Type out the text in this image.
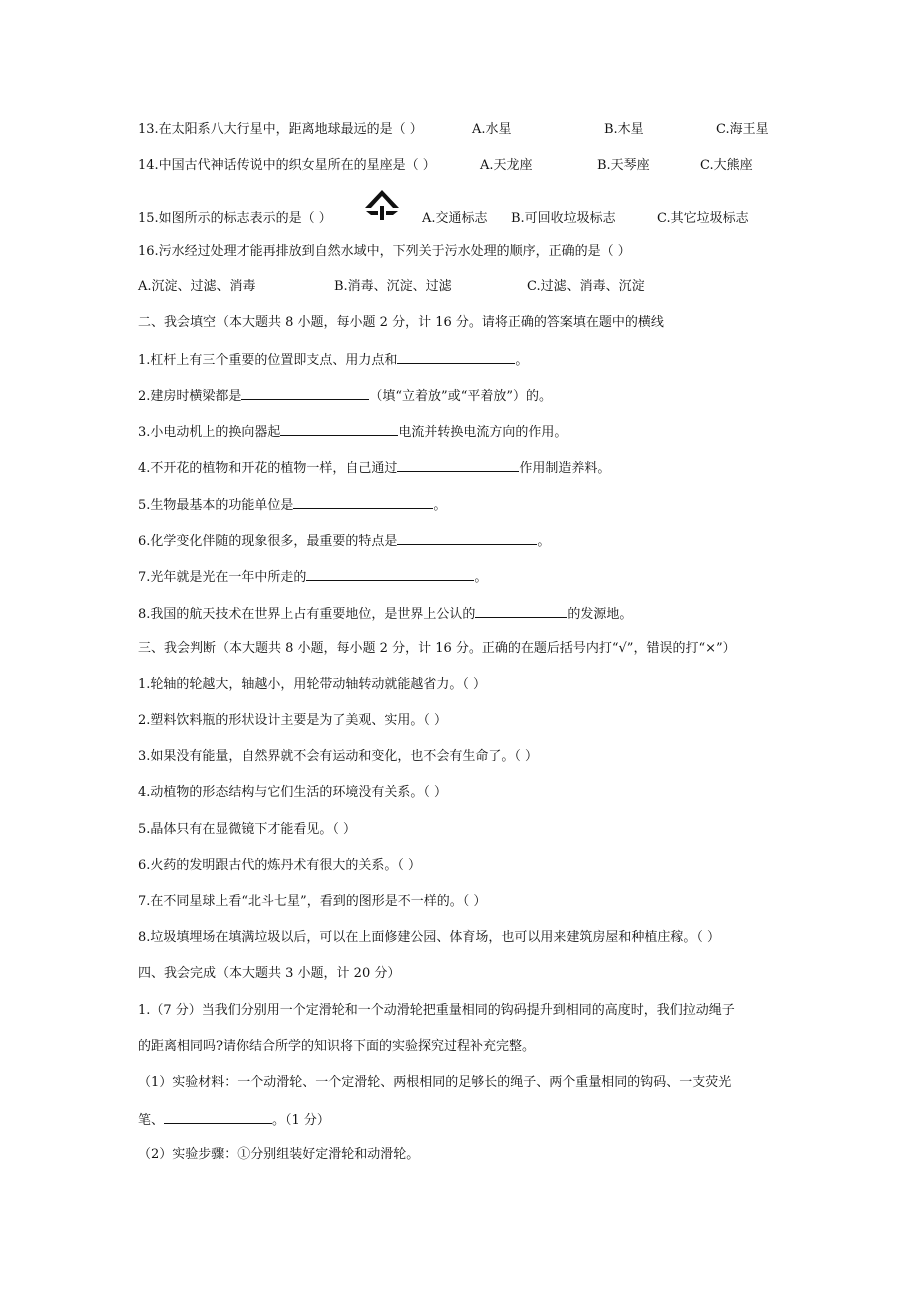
13.在太阳系八大行星中，距离地球最远的是（ ）	A.水星	B.木星	C.海王星
14.中国古代神话传说中的织女星所在的星座是（ ）	A.天龙座	B.天琴座	C.大熊座
15.如图所示的标志表示的是（ ）	A.交通标志 B.可回收垃圾标志	C.其它垃圾标志
16.污水经过处理才能再排放到自然水域中，下列关于污水处理的顺序，正确的是（ ）
A.沉淀、过滤、消毒	B.消毒、沉淀、过滤	C.过滤、消毒、沉淀
二、我会填空（本大题共 8 小题，每小题 2 分，计 16 分。请将正确的答案填在题中的横线
1.杠杆上有三个重要的位置即支点、用力点和	。
2.建房时横梁都是	（填“立着放”或“平着放”）的。
3.小电动机上的换向器起	电流并转换电流方向的作用。
4.不开花的植物和开花的植物一样，自己通过	作用制造养料。
5.生物最基本的功能单位是	。
6.化学变化伴随的现象很多，最重要的特点是	。
7.光年就是光在一年中所走的	。
8.我国的航天技术在世界上占有重要地位，是世界上公认的	的发源地。
三、我会判断（本大题共 8 小题，每小题 2 分，计 16 分。正确的在题后括号内打“√”，错误的打“×”）
1.轮轴的轮越大，轴越小，用轮带动轴转动就能越省力。（ ）
2.塑料饮料瓶的形状设计主要是为了美观、实用。（ ）
3.如果没有能量，自然界就不会有运动和变化，也不会有生命了。（ ）
4.动植物的形态结构与它们生活的环境没有关系。（ ）
5.晶体只有在显微镜下才能看见。（ ）
6.火药的发明跟古代的炼丹术有很大的关系。（ ）
7.在不同星球上看“北斗七星”，看到的图形是不一样的。（ ）
8.垃圾填埋场在填满垃圾以后，可以在上面修建公园、体育场，也可以用来建筑房屋和种植庄稼。（ ）
四、我会完成（本大题共 3 小题，计 20 分）
1.（7 分）当我们分别用一个定滑轮和一个动滑轮把重量相同的钩码提升到相同的高度时，我们拉动绳子
的距离相同吗?请你结合所学的知识将下面的实验探究过程补充完整。
（1）实验材料：一个动滑轮、一个定滑轮、两根相同的足够长的绳子、两个重量相同的钩码、一支荧光
笔、	。（1 分）
（2）实验步骤：①分别组装好定滑轮和动滑轮。
